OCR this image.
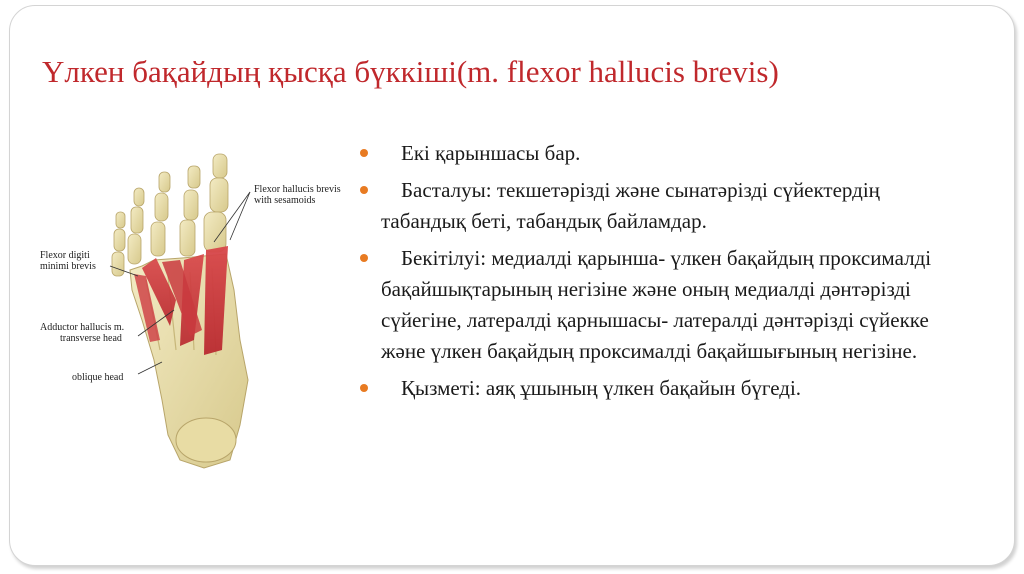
Үлкен бақайдың қысқа бүккіші(m. flexor hallucis brevis)
Flexor hallucis brevis
with sesamoids
Flexor digiti
minimi brevis
Adductor hallucis m.
transverse head
oblique head
Екі қарыншасы бар.
Басталуы: текшетәрізді және сынатәрізді сүйектердің табандық беті, табандық байламдар.
Бекітілуі: медиалді қарынша- үлкен бақайдың проксималді бақайшықтарының негізіне және оның медиалді дәнтәрізді сүйегіне, латералді қарнышасы- латералді дәнтәрізді сүйекке және үлкен бақайдың проксималді бақайшығының негізіне.
Қызметі: аяқ ұшының үлкен бақайын бүгеді.
